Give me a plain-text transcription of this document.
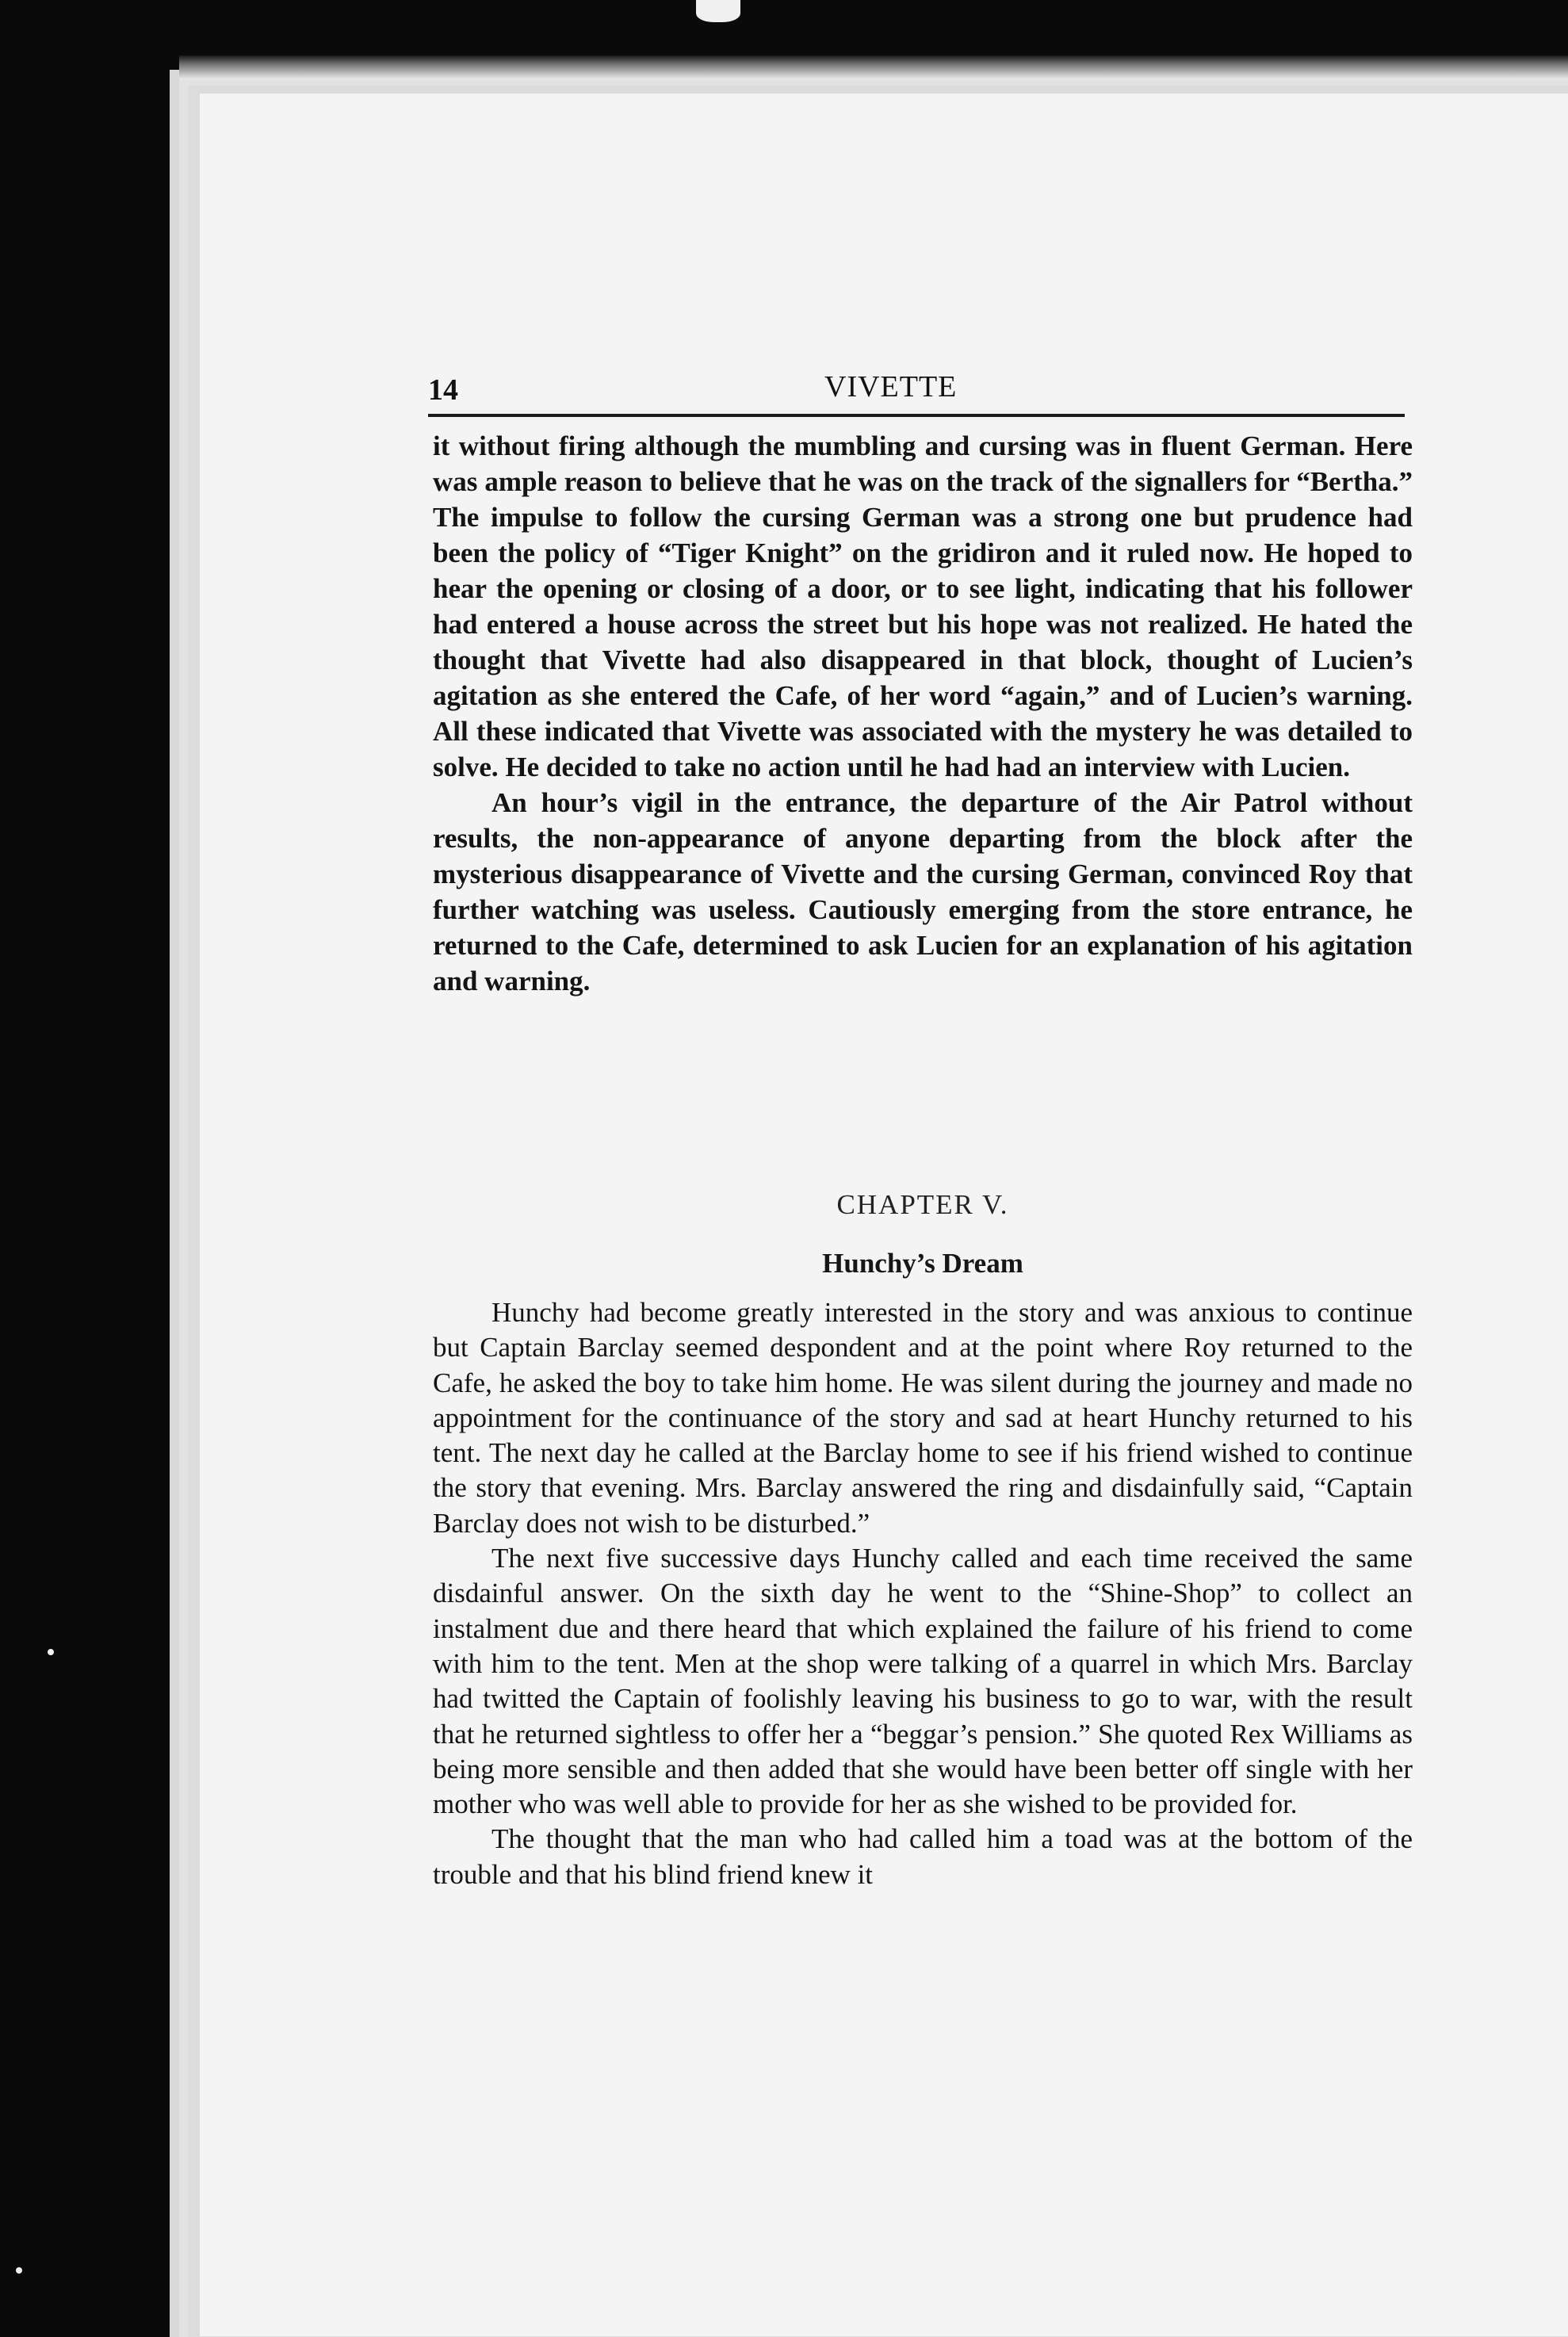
14	VIVETTE

it without firing although the mumbling and cursing was in fluent German. Here was ample reason to believe that he was on the track of the signallers for “Bertha.” The impulse to follow the cursing German was a strong one but prudence had been the policy of “Tiger Knight” on the gridiron and it ruled now. He hoped to hear the opening or closing of a door, or to see light, indicating that his follower had entered a house across the street but his hope was not realized. He hated the thought that Vivette had also disappeared in that block, thought of Lucien’s agitation as she entered the Cafe, of her word “again,” and of Lucien’s warning. All these indicated that Vivette was associated with the mystery he was detailed to solve. He decided to take no action until he had had an interview with Lucien.

An hour’s vigil in the entrance, the departure of the Air Patrol without results, the non-appearance of anyone departing from the block after the mysterious disappearance of Vivette and the cursing German, convinced Roy that further watching was useless. Cautiously emerging from the store entrance, he returned to the Cafe, determined to ask Lucien for an explanation of his agitation and warning.

CHAPTER V.
Hunchy’s Dream

Hunchy had become greatly interested in the story and was anxious to continue but Captain Barclay seemed despondent and at the point where Roy returned to the Cafe, he asked the boy to take him home. He was silent during the journey and made no appointment for the continuance of the story and sad at heart Hunchy returned to his tent. The next day he called at the Barclay home to see if his friend wished to continue the story that evening. Mrs. Barclay answered the ring and disdainfully said, “Captain Barclay does not wish to be disturbed.”

The next five successive days Hunchy called and each time received the same disdainful answer. On the sixth day he went to the “Shine-Shop” to collect an instalment due and there heard that which explained the failure of his friend to come with him to the tent. Men at the shop were talking of a quarrel in which Mrs. Barclay had twitted the Captain of foolishly leaving his business to go to war, with the result that he returned sightless to offer her a “beggar’s pension.” She quoted Rex Williams as being more sensible and then added that she would have been better off single with her mother who was well able to provide for her as she wished to be provided for.

The thought that the man who had called him a toad was at the bottom of the trouble and that his blind friend knew it
